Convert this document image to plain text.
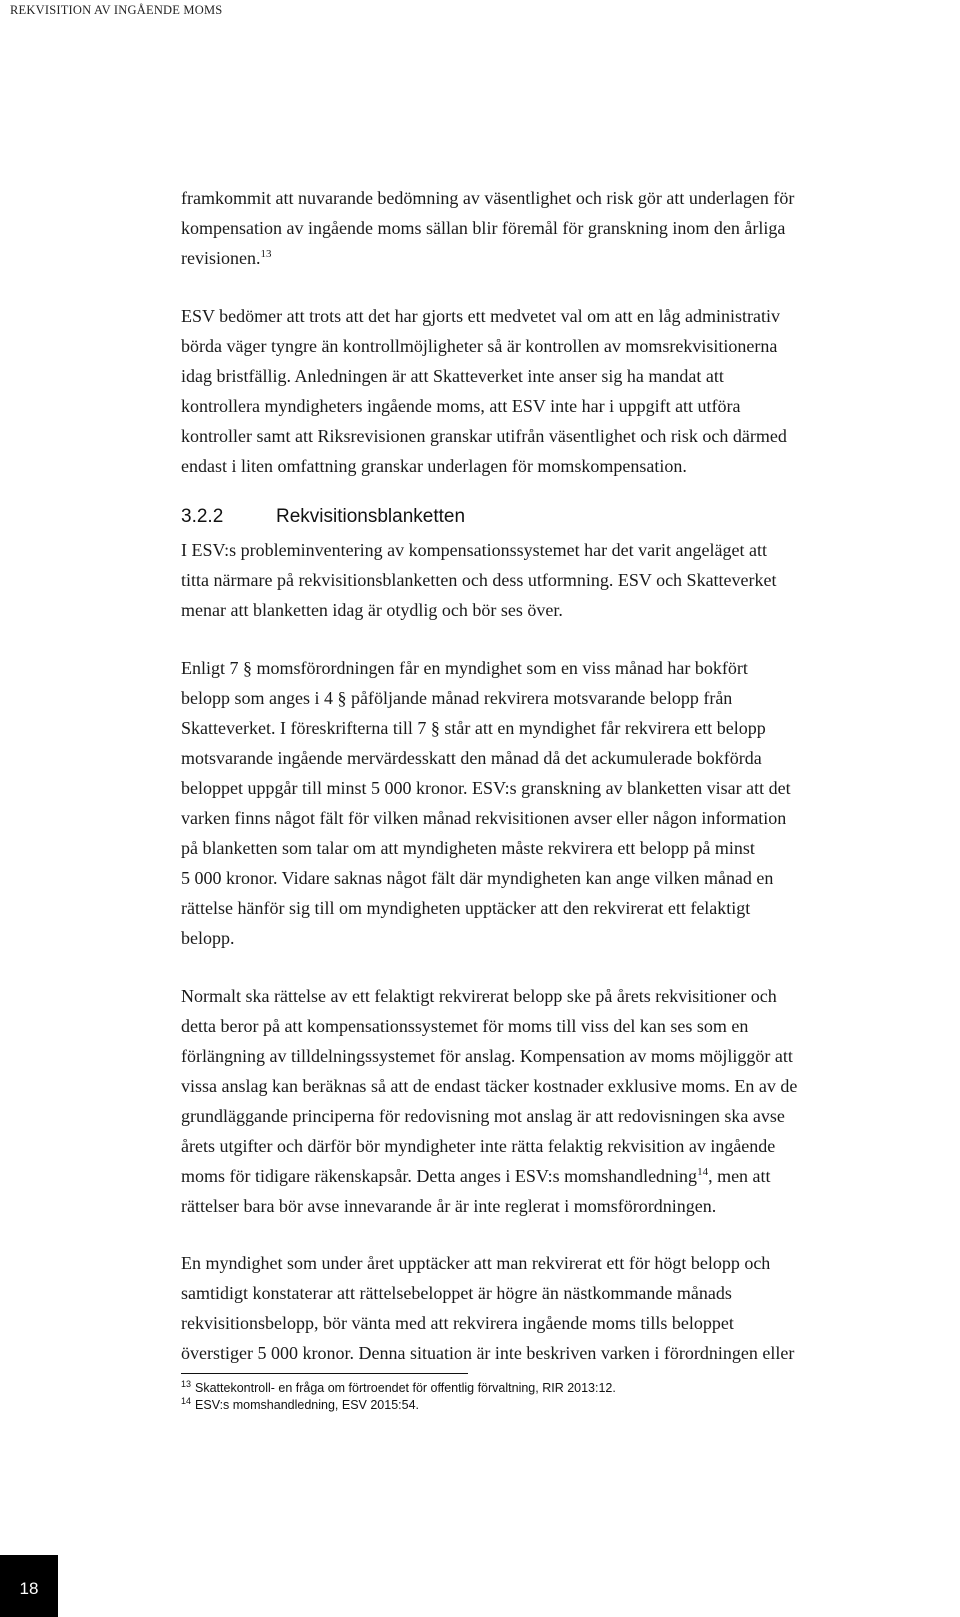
REKVISITION AV INGÅENDE MOMS

framkommit att nuvarande bedömning av väsentlighet och risk gör att underlagen för
kompensation av ingående moms sällan blir föremål för granskning inom den årliga
revisionen.$^{13}$

ESV bedömer att trots att det har gjorts ett medvetet val om att en låg administrativ
börda väger tyngre än kontrollmöjligheter så är kontrollen av momsrekvisitionerna
idag bristfällig. Anledningen är att Skatteverket inte anser sig ha mandat att
kontrollera myndigheters ingående moms, att ESV inte har i uppgift att utföra
kontroller samt att Riksrevisionen granskar utifrån väsentlighet och risk och därmed
endast i liten omfattning granskar underlagen för momskompensation.

3.2.2	Rekvisitionsblanketten

I ESV:s probleminventering av kompensationssystemet har det varit angeläget att
titta närmare på rekvisitionsblanketten och dess utformning. ESV och Skatteverket
menar att blanketten idag är otydlig och bör ses över.

Enligt 7 § momsförordningen får en myndighet som en viss månad har bokfört
belopp som anges i 4 § påföljande månad rekvirera motsvarande belopp från
Skatteverket. I föreskrifterna till 7 § står att en myndighet får rekvirera ett belopp
motsvarande ingående mervärdesskatt den månad då det ackumulerade bokförda
beloppet uppgår till minst 5 000 kronor. ESV:s granskning av blanketten visar att det
varken finns något fält för vilken månad rekvisitionen avser eller någon information
på blanketten som talar om att myndigheten måste rekvirera ett belopp på minst
5 000 kronor. Vidare saknas något fält där myndigheten kan ange vilken månad en
rättelse hänför sig till om myndigheten upptäcker att den rekvirerat ett felaktigt
belopp.

Normalt ska rättelse av ett felaktigt rekvirerat belopp ske på årets rekvisitioner och
detta beror på att kompensationssystemet för moms till viss del kan ses som en
förlängning av tilldelningssystemet för anslag. Kompensation av moms möjliggör att
vissa anslag kan beräknas så att de endast täcker kostnader exklusive moms. En av de
grundläggande principerna för redovisning mot anslag är att redovisningen ska avse
årets utgifter och därför bör myndigheter inte rätta felaktig rekvisition av ingående
moms för tidigare räkenskapsår. Detta anges i ESV:s momshandledning$^{14}$, men att
rättelser bara bör avse innevarande år är inte reglerat i momsförordningen.

En myndighet som under året upptäcker att man rekvirerat ett för högt belopp och
samtidigt konstaterar att rättelsebeloppet är högre än nästkommande månads
rekvisitionsbelopp, bör vänta med att rekvirera ingående moms tills beloppet
överstiger 5 000 kronor. Denna situation är inte beskriven varken i förordningen eller

$^{13}$ Skattekontroll- en fråga om förtroendet för offentlig förvaltning, RIR 2013:12.
$^{14}$ ESV:s momshandledning, ESV 2015:54.
18
